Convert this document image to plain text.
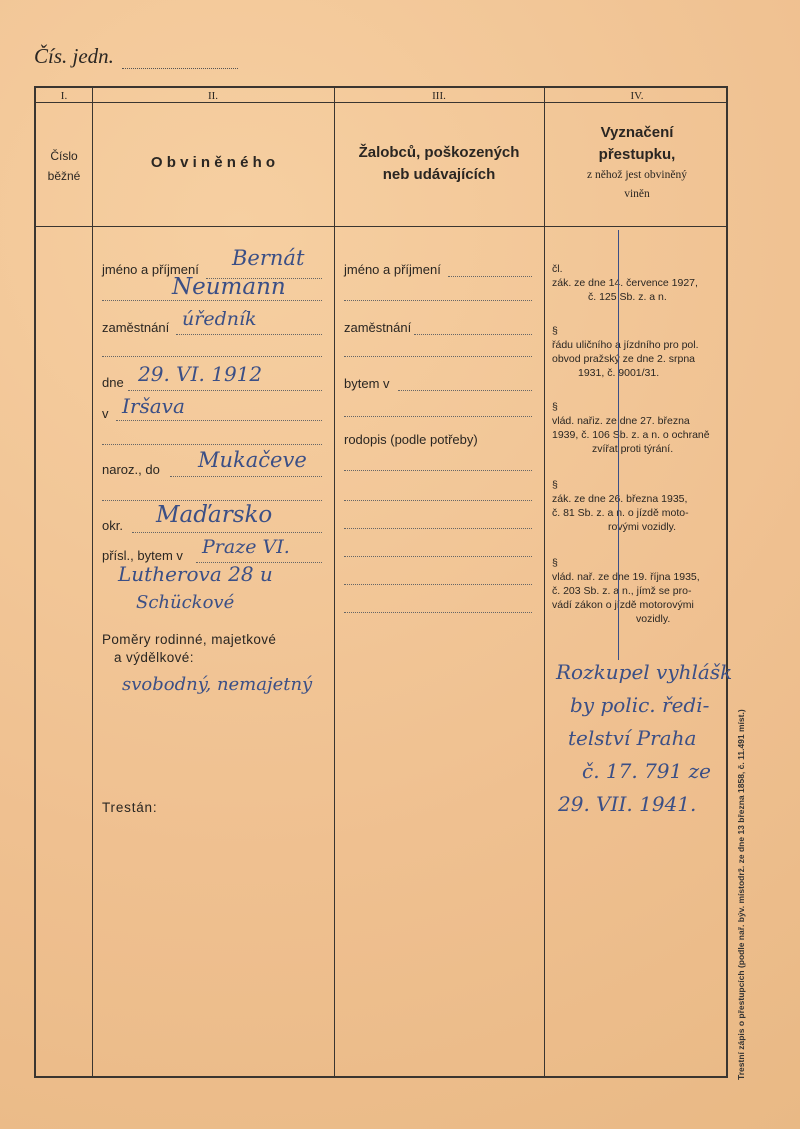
Čís. jedn.
I.	II.	III.	IV.
Číslo
běžné
O b v i n ě n é h o
Žalobců, poškozených
neb udávajících
Vyznačení
přestupku,
z něhož jest obviněný
viněn
jméno a příjmení Bernát
Neumann
zaměstnání úředník
dne 29. VI. 1912
v Iršava
naroz., do Mukačeve
okr. Maďarsko
přísl., bytem v Praze VI.
Lutherova 28 u
Schückové
Poměry rodinné, majetkové
a výdělkové:
svobodný, nemajetný
Trestán:
jméno a příjmení
zaměstnání
bytem v
rodopis (podle potřeby)
čl.
zák. ze dne 14. července 1927,
č. 125 Sb. z. a n.
§
řádu uličního a jízdního pro pol.
obvod pražský ze dne 2. srpna
1931, č. 9001/31.
§
vlád. nařiz. ze dne 27. března
1939, č. 106 Sb. z. a n. o ochraně
zvířat proti týrání.
§
zák. ze dne 26. března 1935,
č. 81 Sb. z. a n. o jízdě moto-
rovými vozidly.
§
vlád. nař. ze dne 19. října 1935,
č. 203 Sb. z. a n., jímž se pro-
vádí zákon o jízdě motorovými
vozidly.
Rozkupel vyhlášk
by polic. ředi-
telství Praha
č. 17. 791 ze
29. VII. 1941.	Trestní zápis o přestupcích (podle nař. býv. místodrž. ze dne 13 března 1858, č. 11.491 míst.)
